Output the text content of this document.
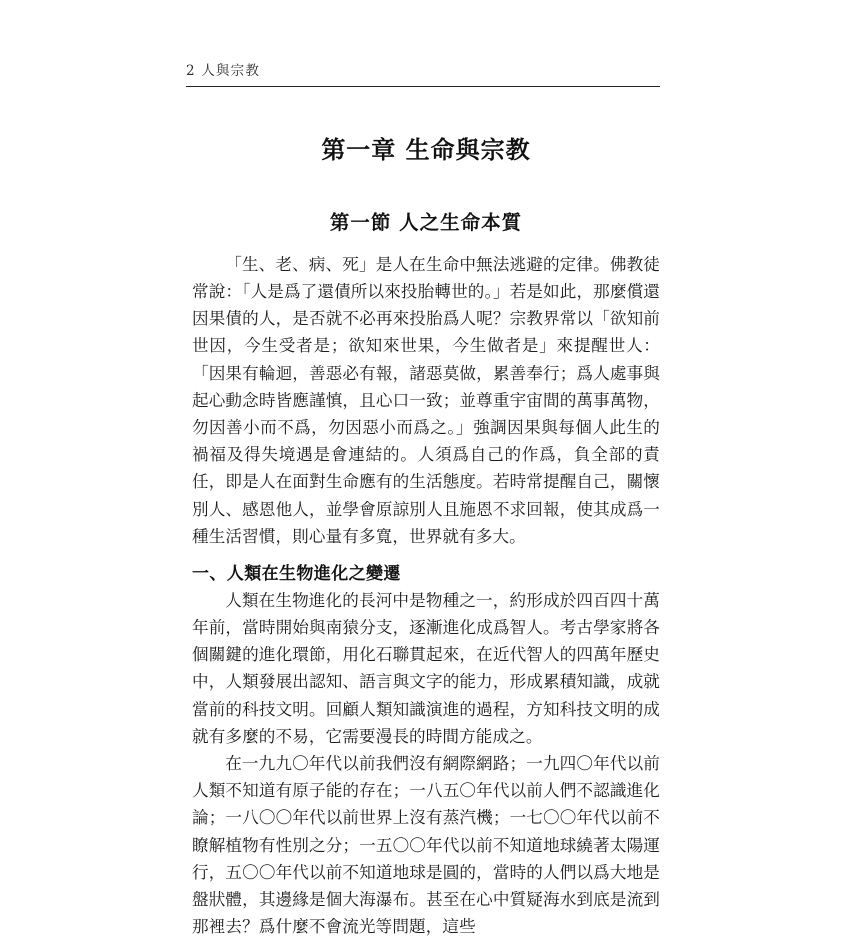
2 人與宗教
第一章 生命與宗教
第一節 人之生命本質

「生、老、病、死」是人在生命中無法逃避的定律。佛教徒常說：「人是爲了還債所以來投胎轉世的。」若是如此，那麼償還因果債的人，是否就不必再來投胎爲人呢？宗教界常以「欲知前世因，今生受者是；欲知來世果，今生做者是」來提醒世人：「因果有輪迴，善惡必有報，諸惡莫做，累善奉行；爲人處事與起心動念時皆應謹慎，且心口一致；並尊重宇宙間的萬事萬物，勿因善小而不爲，勿因惡小而爲之。」強調因果與每個人此生的禍福及得失境遇是會連結的。人須爲自己的作爲，負全部的責任，即是人在面對生命應有的生活態度。若時常提醒自己，關懷別人、感恩他人，並學會原諒別人且施恩不求回報，使其成爲一種生活習慣，則心量有多寬，世界就有多大。

一、人類在生物進化之變遷

人類在生物進化的長河中是物種之一，約形成於四百四十萬年前，當時開始與南猿分支，逐漸進化成爲智人。考古學家將各個關鍵的進化環節，用化石聯貫起來，在近代智人的四萬年歷史中，人類發展出認知、語言與文字的能力，形成累積知識，成就當前的科技文明。回顧人類知識演進的過程，方知科技文明的成就有多麼的不易，它需要漫長的時間方能成之。

在一九九〇年代以前我們沒有網際網路；一九四〇年代以前人類不知道有原子能的存在；一八五〇年代以前人們不認識進化論；一八〇〇年代以前世界上沒有蒸汽機；一七〇〇年代以前不瞭解植物有性別之分；一五〇〇年代以前不知道地球繞著太陽運行，五〇〇年代以前不知道地球是圓的，當時的人們以爲大地是盤狀體，其邊緣是個大海瀑布。甚至在心中質疑海水到底是流到那裡去？爲什麼不會流光等問題，這些
